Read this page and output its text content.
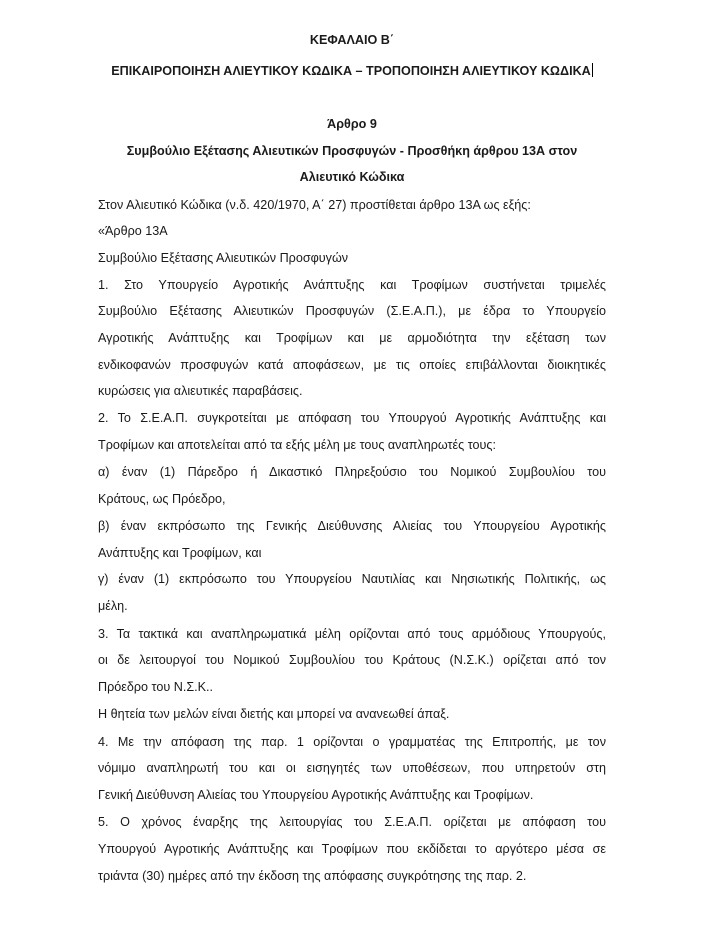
ΚΕΦΑΛΑΙΟ Β΄
ΕΠΙΚΑΙΡΟΠΟΙΗΣΗ ΑΛΙΕΥΤΙΚΟΥ ΚΩΔΙΚΑ – ΤΡΟΠΟΠΟΙΗΣΗ ΑΛΙΕΥΤΙΚΟΥ ΚΩΔΙΚΑ
Άρθρο 9
Συμβούλιο Εξέτασης Αλιευτικών Προσφυγών - Προσθήκη άρθρου 13Α στον
Αλιευτικό Κώδικα
Στον Αλιευτικό Κώδικα (ν.δ. 420/1970, Α΄ 27) προστίθεται άρθρο 13Α ως εξής:
«Άρθρο 13Α
Συμβούλιο Εξέτασης Αλιευτικών Προσφυγών
1. Στο Υπουργείο Αγροτικής Ανάπτυξης και Τροφίμων συστήνεται τριμελές
Συμβούλιο Εξέτασης Αλιευτικών Προσφυγών (Σ.Ε.Α.Π.), με έδρα το Υπουργείο
Αγροτικής Ανάπτυξης και Τροφίμων και με αρμοδιότητα την εξέταση των
ενδικοφανών προσφυγών κατά αποφάσεων, με τις οποίες επιβάλλονται διοικητικές
κυρώσεις για αλιευτικές παραβάσεις.
2. Το Σ.Ε.Α.Π. συγκροτείται με απόφαση του Υπουργού Αγροτικής Ανάπτυξης και
Τροφίμων και αποτελείται από τα εξής μέλη με τους αναπληρωτές τους:
α) έναν (1) Πάρεδρο ή Δικαστικό Πληρεξούσιο του Νομικού Συμβουλίου του
Κράτους, ως Πρόεδρο,
β) έναν εκπρόσωπο της Γενικής Διεύθυνσης Αλιείας του Υπουργείου Αγροτικής
Ανάπτυξης και Τροφίμων, και
γ) έναν (1) εκπρόσωπο του Υπουργείου Ναυτιλίας και Νησιωτικής Πολιτικής, ως
μέλη.
3. Τα τακτικά και αναπληρωματικά μέλη ορίζονται από τους αρμόδιους Υπουργούς,
οι δε λειτουργοί του Νομικού Συμβουλίου του Κράτους (Ν.Σ.Κ.) ορίζεται από τον
Πρόεδρο του Ν.Σ.Κ..
Η θητεία των μελών είναι διετής και μπορεί να ανανεωθεί άπαξ.
4. Με την απόφαση της παρ. 1 ορίζονται ο γραμματέας της Επιτροπής, με τον
νόμιμο αναπληρωτή του και οι εισηγητές των υποθέσεων, που υπηρετούν στη
Γενική Διεύθυνση Αλιείας του Υπουργείου Αγροτικής Ανάπτυξης και Τροφίμων.
5. Ο χρόνος έναρξης της λειτουργίας του Σ.Ε.Α.Π. ορίζεται με απόφαση του
Υπουργού Αγροτικής Ανάπτυξης και Τροφίμων που εκδίδεται το αργότερο μέσα σε
τριάντα (30) ημέρες από την έκδοση της απόφασης συγκρότησης της παρ. 2.
